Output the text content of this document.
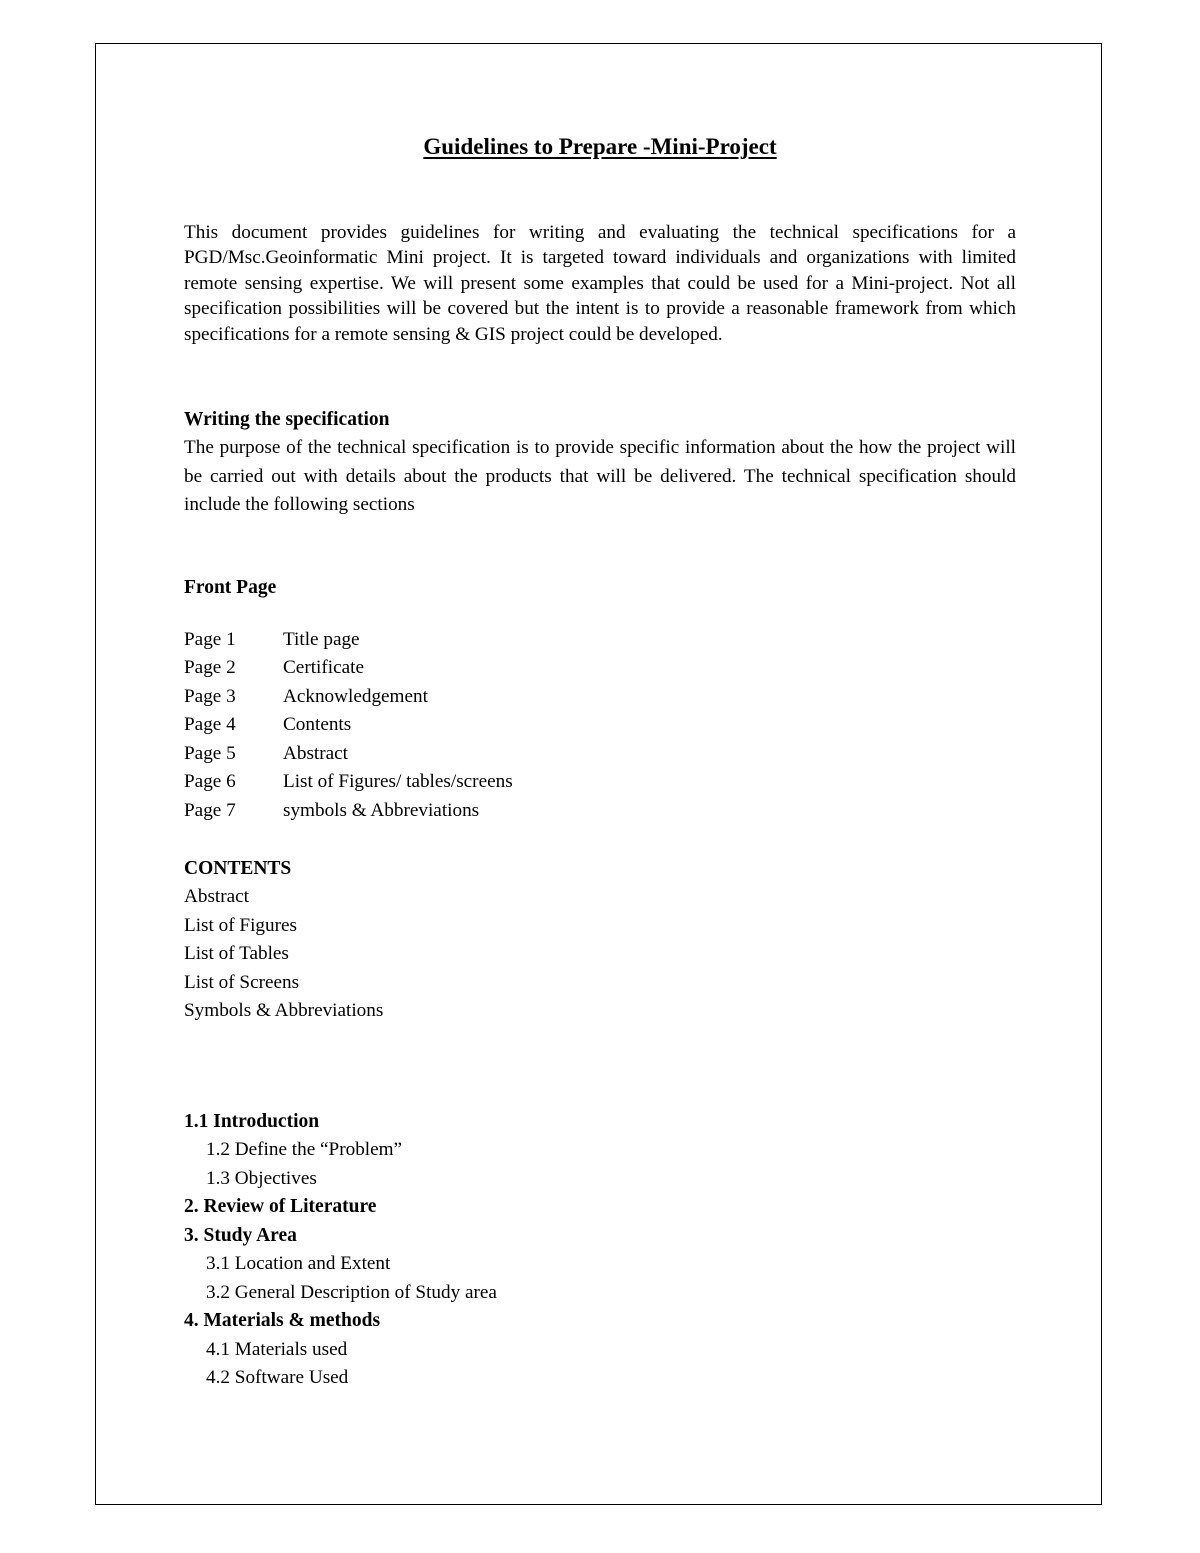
Guidelines to Prepare -Mini-Project

This document provides guidelines for writing and evaluating the technical specifications for a PGD/Msc.Geoinformatic Mini project. It is targeted toward individuals and organizations with limited remote sensing expertise. We will present some examples that could be used for a Mini-project. Not all specification possibilities will be covered but the intent is to provide a reasonable framework from which specifications for a remote sensing & GIS project could be developed.

Writing the specification

The purpose of the technical specification is to provide specific information about the how the project will be carried out with details about the products that will be delivered. The technical specification should include the following sections

Front Page
Page 1	Title page
Page 2	Certificate
Page 3	Acknowledgement
Page 4	Contents
Page 5	Abstract
Page 6	List of Figures/ tables/screens
Page 7	symbols & Abbreviations
CONTENTS

Abstract

List of Figures

List of Tables

List of Screens

Symbols & Abbreviations

1.1 Introduction

1.2 Define the “Problem”

1.3 Objectives

2. Review of Literature

3. Study Area

3.1 Location and Extent

3.2 General Description of Study area

4. Materials & methods

4.1 Materials used

4.2 Software Used
